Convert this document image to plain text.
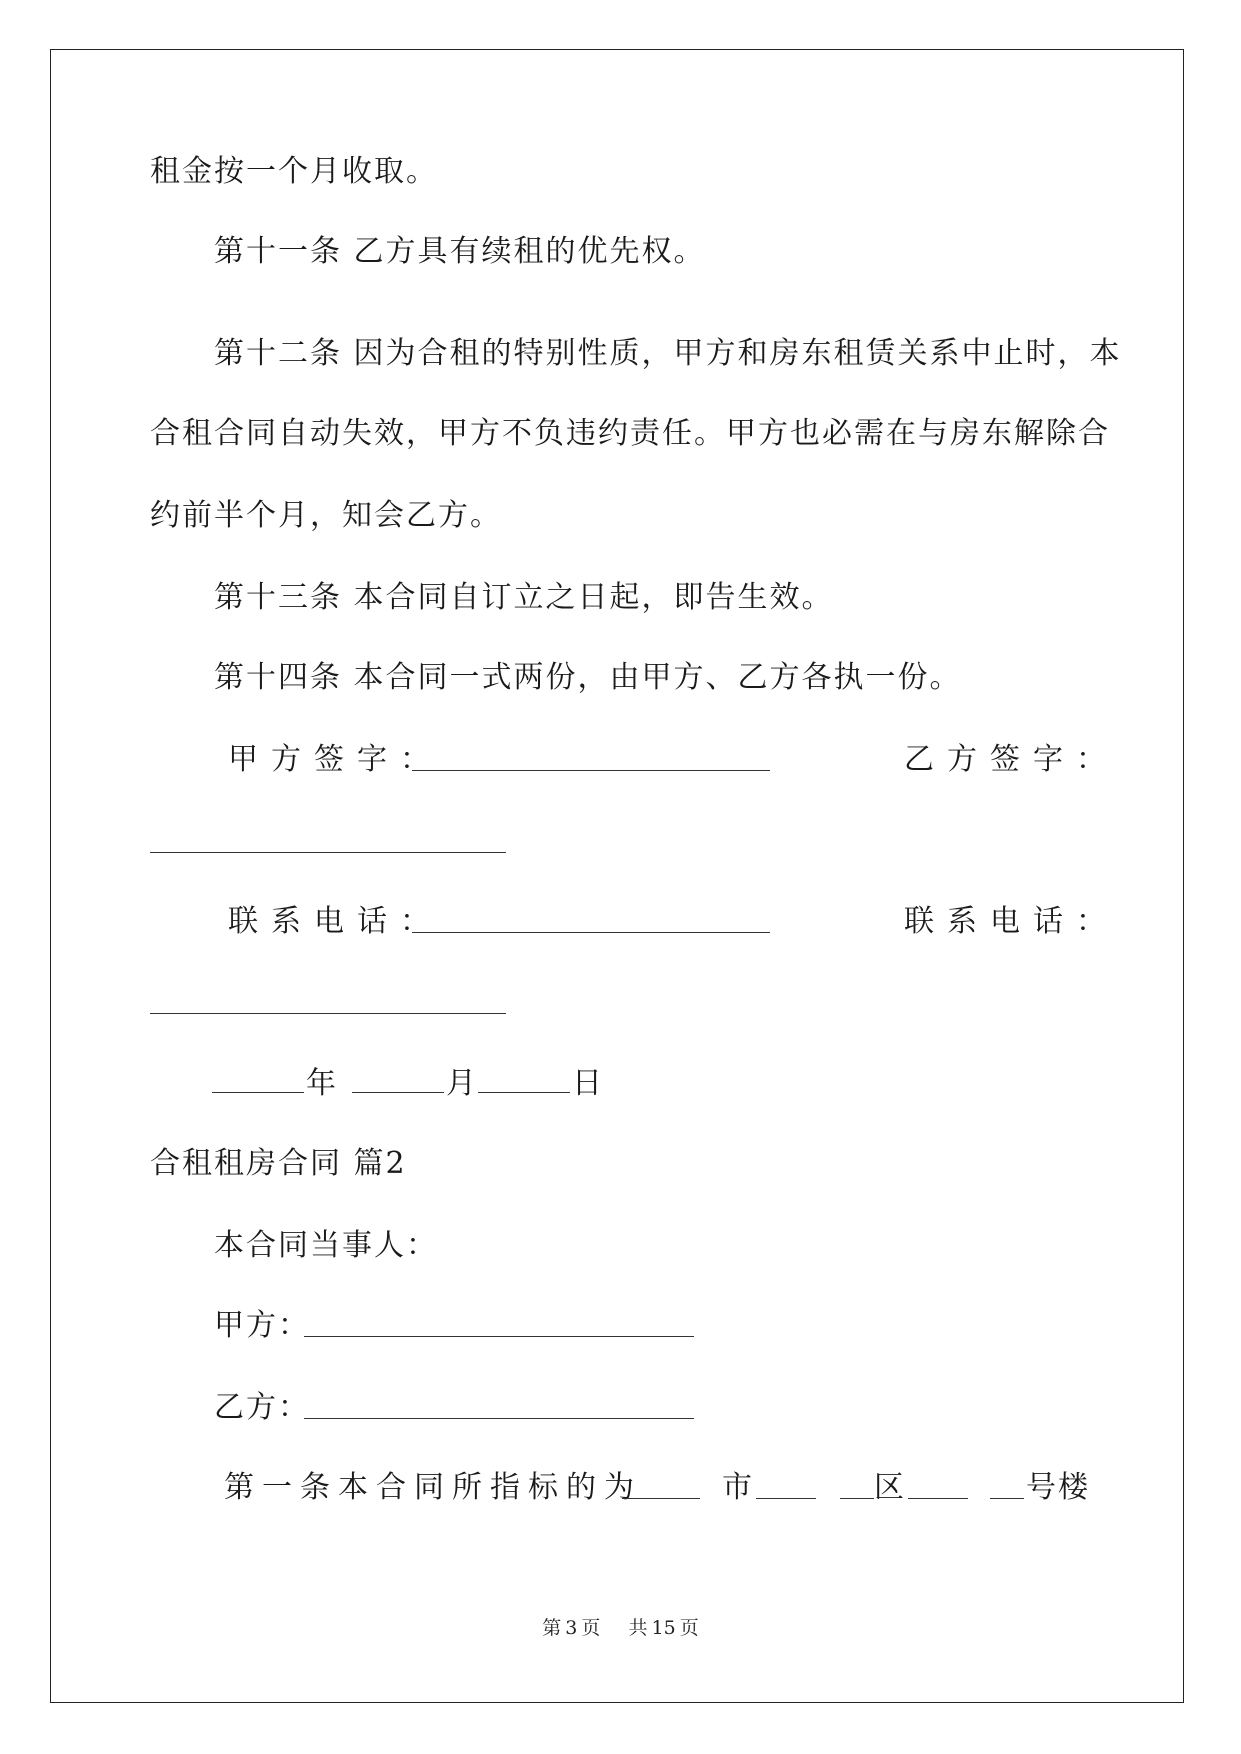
租金按一个月收取。
第十一条 乙方具有续租的优先权。
第十二条 因为合租的特别性质，甲方和房东租赁关系中止时，本
合租合同自动失效，甲方不负违约责任。甲方也必需在与房东解除合
约前半个月，知会乙方。
第十三条 本合同自订立之日起，即告生效。
第十四条 本合同一式两份，由甲方、乙方各执一份。
甲方签字：	乙方签字：
联系电话：	联系电话：
年	月	日
合租租房合同 篇2
本合同当事人：
甲方：
乙方：
第一条本合同所指标的为	市	区	号楼
第 3 页 共 15 页
